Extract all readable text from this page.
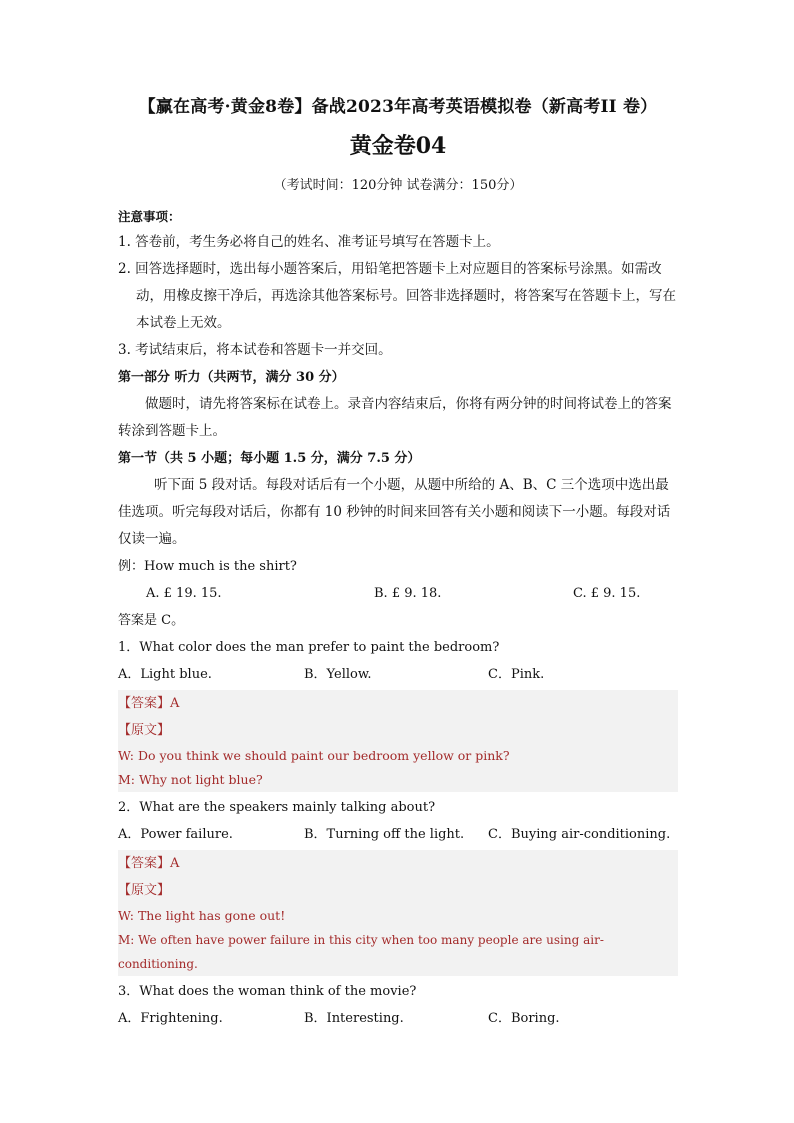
【赢在高考·黄金8卷】备战2023年高考英语模拟卷（新高考II 卷）
黄金卷04
（考试时间：120分钟 试卷满分：150分）
注意事项：
1. 答卷前，考生务必将自己的姓名、准考证号填写在答题卡上。
2. 回答选择题时，选出每小题答案后，用铅笔把答题卡上对应题目的答案标号涂黑。如需改动，用橡皮擦干净后，再选涂其他答案标号。回答非选择题时，将答案写在答题卡上，写在本试卷上无效。
3. 考试结束后，将本试卷和答题卡一并交回。
第一部分 听力（共两节，满分 30 分）
做题时，请先将答案标在试卷上。录音内容结束后，你将有两分钟的时间将试卷上的答案转涂到答题卡上。
第一节（共 5 小题；每小题 1.5 分，满分 7.5 分）
听下面 5 段对话。每段对话后有一个小题，从题中所给的 A、B、C 三个选项中选出最佳选项。听完每段对话后，你都有 10 秒钟的时间来回答有关小题和阅读下一小题。每段对话仅读一遍。
例：How much is the shirt?
A. £ 19. 15.	B. £ 9. 18.	C. £ 9. 15.
答案是 C。
1．What color does the man prefer to paint the bedroom?
A．Light blue.	B．Yellow.	C．Pink.
【答案】A
【原文】
W: Do you think we should paint our bedroom yellow or pink?
M: Why not light blue?
2．What are the speakers mainly talking about?
A．Power failure.	B．Turning off the light.	C．Buying air-conditioning.
【答案】A
【原文】
W: The light has gone out!
M: We often have power failure in this city when too many people are using air-conditioning.
3．What does the woman think of the movie?
A．Frightening.	B．Interesting.	C．Boring.
